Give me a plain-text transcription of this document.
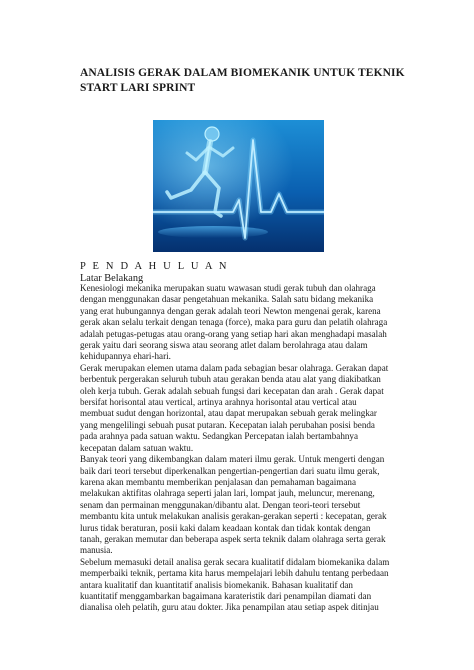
ANALISIS GERAK DALAM BIOMEKANIK UNTUK TEKNIK
START LARI SPRINT
P E N D A H U L U A N
Latar Belakang
Kenesiologi mekanika merupakan suatu wawasan studi gerak tubuh dan olahraga
dengan menggunakan dasar pengetahuan mekanika. Salah satu bidang mekanika
yang erat hubungannya dengan gerak adalah teori Newton mengenai gerak, karena
gerak akan selalu terkait dengan tenaga (force), maka para guru dan pelatih olahraga
adalah petugas-petugas atau orang-orang yang setiap hari akan menghadapi masalah
gerak yaitu dari seorang siswa atau seorang atlet dalam berolahraga atau dalam
kehidupannya ehari-hari.
Gerak merupakan elemen utama dalam pada sebagian besar olahraga. Gerakan dapat
berbentuk pergerakan seluruh tubuh atau gerakan benda atau alat yang diakibatkan
oleh kerja tubuh. Gerak adalah sebuah fungsi dari kecepatan dan arah . Gerak dapat
bersifat horisontal atau vertical, artinya arahnya horisontal atau vertical atau
membuat sudut dengan horizontal, atau dapat merupakan sebuah gerak melingkar
yang mengelilingi sebuah pusat putaran. Kecepatan ialah perubahan posisi benda
pada arahnya pada satuan waktu. Sedangkan Percepatan ialah bertambahnya
kecepatan dalam satuan waktu.
Banyak teori yang dikembangkan dalam materi ilmu gerak. Untuk mengerti dengan
baik dari teori tersebut diperkenalkan pengertian-pengertian dari suatu ilmu gerak,
karena akan membantu memberikan penjalasan dan pemahaman bagaimana
melakukan aktifitas olahraga seperti jalan lari, lompat jauh, meluncur, merenang,
senam dan permainan menggunakan/dibantu alat. Dengan teori-teori tersebut
membantu kita untuk melakukan analisis gerakan-gerakan seperti : kecepatan, gerak
lurus tidak beraturan, posii kaki dalam keadaan kontak dan tidak kontak dengan
tanah, gerakan memutar dan beberapa aspek serta teknik dalam olahraga serta gerak
manusia.
Sebelum memasuki detail analisa gerak secara kualitatif didalam biomekanika dalam
memperbaiki teknik, pertama kita harus mempelajari lebih dahulu tentang perbedaan
antara kualitatif dan kuantitatif analisis biomekanik. Bahasan kualitatif dan
kuantitatif menggambarkan bagaimana karateristik dari penampilan diamati dan
dianalisa oleh pelatih, guru atau dokter. Jika penampilan atau setiap aspek ditinjau
